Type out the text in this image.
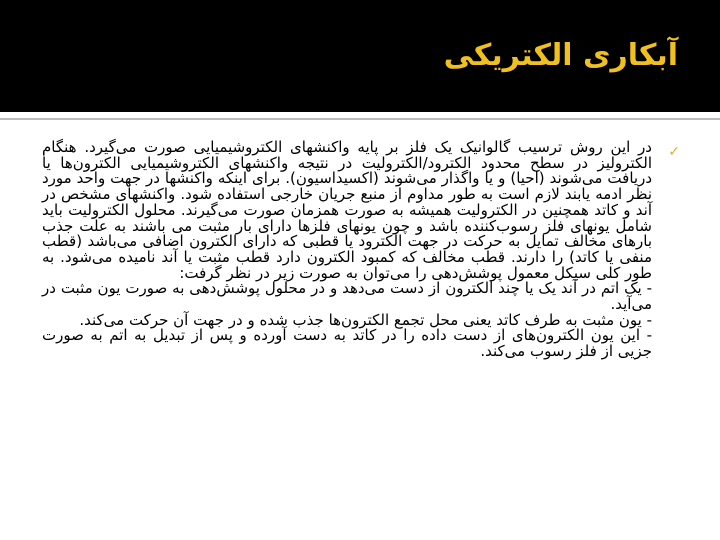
آبکاری الکتریکی
✓

در این روش ترسیب گالوانیک یک فلز بر پایه واکنشهای الکتروشیمیایی صورت می‌گیرد. هنگام الکترولیز در سطح محدود الکترود/الکترولیت در نتیجه واکنشهای الکتروشیمیایی الکترون‌ها یا دریافت می‌شوند (احیا) و یا واگذار می‌شوند (اکسیداسیون). برای اینکه واکنشها در جهت واحد مورد نظر ادمه یابند لازم است به طور مداوم از منبع جریان خارجی استفاده شود. واکنشهای مشخص در آند و کاتد همچنین در الکترولیت همیشه به صورت همزمان صورت می‌گیرند. محلول الکترولیت باید شامل یونهای فلز رسوب‌کننده باشد و چون یونهای فلزها دارای بار مثبت می باشند به علت جذب بارهای مخالف تمایل به حرکت در جهت الکترود یا قطبی که دارای الکترون اضافی می‌باشد (قطب منفی یا کاتد) را دارند. قطب مخالف که کمبود الکترون دارد قطب مثبت یا آند نامیده می‌شود. به طور کلی سیکل معمول پوشش‌دهی را می‌توان به صورت زیر در نظر گرفت:
- یک اتم در آند یک یا چند الکترون از دست می‌دهد و در محلول پوشش‌دهی به صورت یون مثبت در می‌آید.
- یون مثبت به طرف کاتد یعنی محل تجمع الکترون‌ها جذب شده و در جهت آن حرکت می‌کند.
- این یون الکترون‌های از دست داده را در کاتد به دست آورده و پس از تبدیل به اتم به صورت جزیی از فلز رسوب می‌کند.
